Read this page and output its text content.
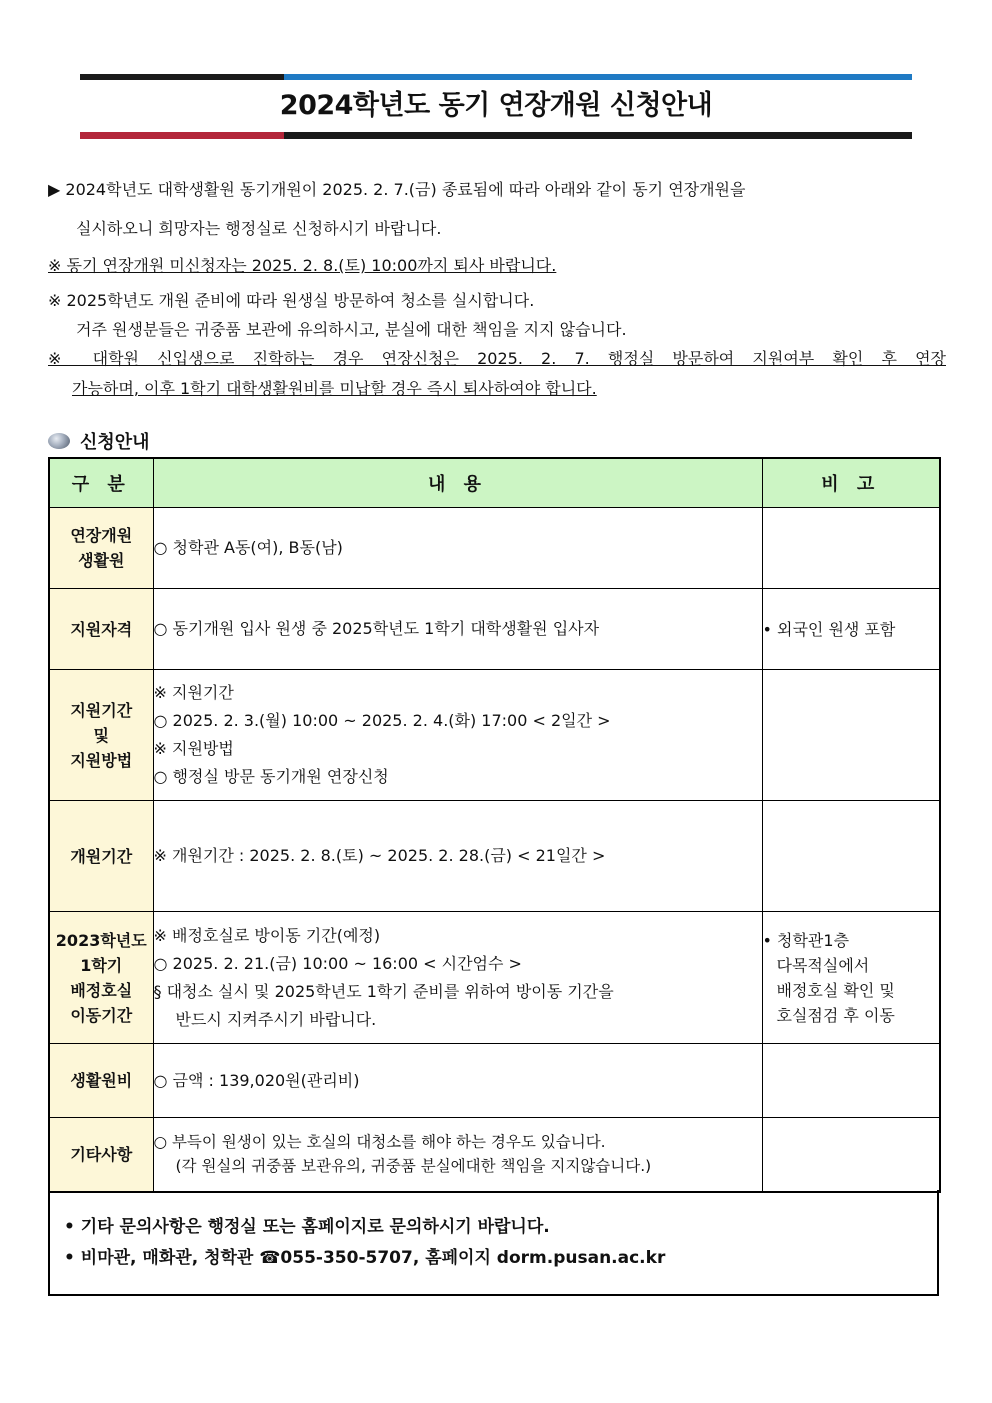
2024학년도 동기 연장개원 신청안내
▶ 2024학년도 대학생활원 동기개원이 2025. 2. 7.(금) 종료됨에 따라 아래와 같이 동기 연장개원을
실시하오니 희망자는 행정실로 신청하시기 바랍니다.
※ 동기 연장개원 미신청자는 2025. 2. 8.(토) 10:00까지 퇴사 바랍니다.
※ 2025학년도 개원 준비에 따라 원생실 방문하여 청소를 실시합니다.
거주 원생분들은 귀중품 보관에 유의하시고, 분실에 대한 책임을 지지 않습니다.
※ 대학원 신입생으로 진학하는 경우 연장신청은 2025. 2. 7. 행정실 방문하여 지원여부 확인 후 연장
가능하며, 이후 1학기 대학생활원비를 미납할 경우 즉시 퇴사하여야 합니다.
신청안내
구 분	내 용	비 고

연장개원
생활원	○ 청학관 A동(여), B동(남)	

지원자격	○ 동기개원 입사 원생 중 2025학년도 1학기 대학생활원 입사자	• 외국인 원생 포함

지원기간
및
지원방법	※ 지원기간
○ 2025. 2. 3.(월) 10:00 ~ 2025. 2. 4.(화) 17:00 < 2일간 >
※ 지원방법
○ 행정실 방문 동기개원 연장신청	

개원기간	※ 개원기간 : 2025. 2. 8.(토) ~ 2025. 2. 28.(금) < 21일간 >	

2023학년도
1학기
배정호실
이동기간	※ 배정호실로 방이동 기간(예정)
○ 2025. 2. 21.(금) 10:00 ~ 16:00 < 시간엄수 >
§ 대청소 실시 및 2025학년도 1학기 준비를 위하여 방이동 기간을
반드시 지켜주시기 바랍니다.	• 청학관1층
다목적실에서
배정호실 확인 및
호실점검 후 이동

생활원비	○ 금액 : 139,020원(관리비)	

기타사항	○ 부득이 원생이 있는 호실의 대청소를 해야 하는 경우도 있습니다.
(각 원실의 귀중품 보관유의, 귀중품 분실에대한 책임을 지지않습니다.)	

• 기타 문의사항은 행정실 또는 홈페이지로 문의하시기 바랍니다.
• 비마관, 매화관, 청학관 ☎055-350-5707, 홈페이지 dorm.pusan.ac.kr
